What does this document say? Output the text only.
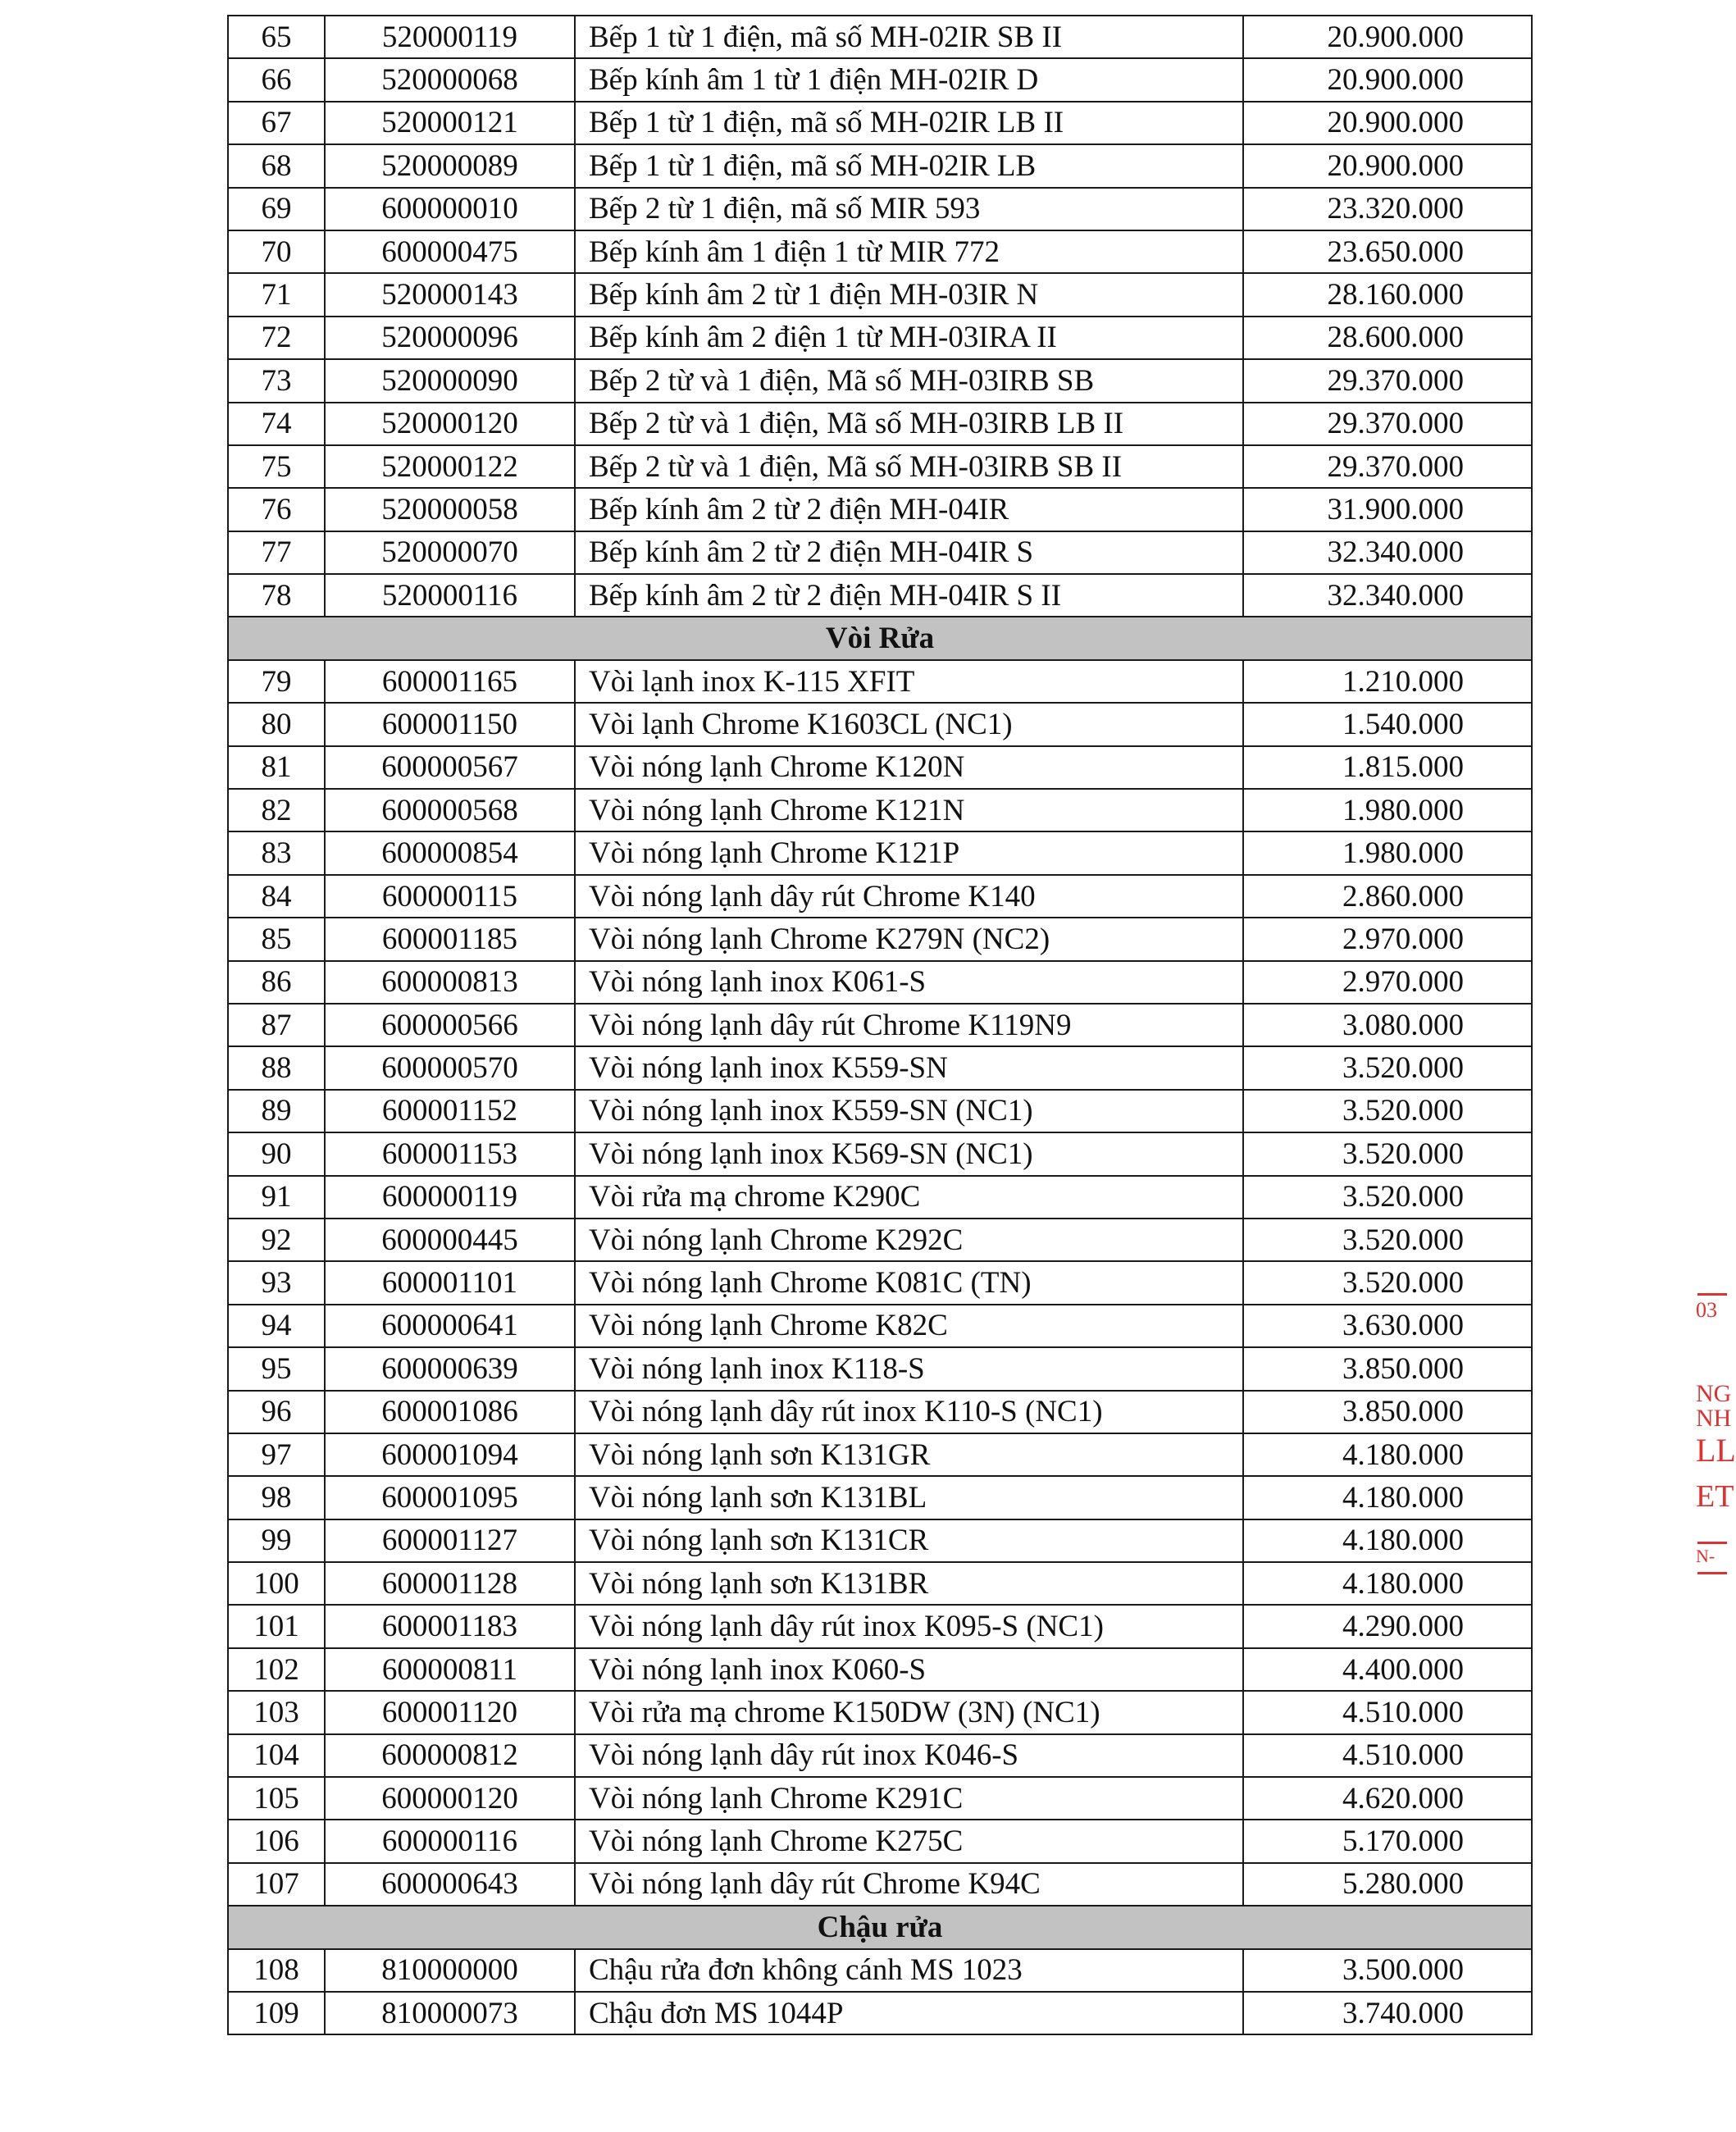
65	520000119	Bếp 1 từ 1 điện, mã số MH-02IR SB II	20.900.000
66	520000068	Bếp kính âm 1 từ 1 điện MH-02IR D	20.900.000
67	520000121	Bếp 1 từ 1 điện, mã số MH-02IR LB II	20.900.000
68	520000089	Bếp 1 từ 1 điện, mã số MH-02IR LB	20.900.000
69	600000010	Bếp 2 từ 1 điện, mã số MIR 593	23.320.000
70	600000475	Bếp kính âm 1 điện 1 từ MIR 772	23.650.000
71	520000143	Bếp kính âm 2 từ 1 điện MH-03IR N	28.160.000
72	520000096	Bếp kính âm 2 điện 1 từ MH-03IRA II	28.600.000
73	520000090	Bếp 2 từ và 1 điện, Mã số MH-03IRB SB	29.370.000
74	520000120	Bếp 2 từ và 1 điện, Mã số MH-03IRB LB II	29.370.000
75	520000122	Bếp 2 từ và 1 điện, Mã số MH-03IRB SB II	29.370.000
76	520000058	Bếp kính âm 2 từ 2 điện MH-04IR	31.900.000
77	520000070	Bếp kính âm 2 từ 2 điện MH-04IR S	32.340.000
78	520000116	Bếp kính âm 2 từ 2 điện MH-04IR S II	32.340.000
Vòi Rửa			
79	600001165	Vòi lạnh inox K-115 XFIT	1.210.000
80	600001150	Vòi lạnh Chrome K1603CL (NC1)	1.540.000
81	600000567	Vòi nóng lạnh Chrome K120N	1.815.000
82	600000568	Vòi nóng lạnh Chrome K121N	1.980.000
83	600000854	Vòi nóng lạnh Chrome K121P	1.980.000
84	600000115	Vòi nóng lạnh dây rút Chrome K140	2.860.000
85	600001185	Vòi nóng lạnh Chrome K279N (NC2)	2.970.000
86	600000813	Vòi nóng lạnh inox K061-S	2.970.000
87	600000566	Vòi nóng lạnh dây rút Chrome K119N9	3.080.000
88	600000570	Vòi nóng lạnh inox K559-SN	3.520.000
89	600001152	Vòi nóng lạnh inox K559-SN (NC1)	3.520.000
90	600001153	Vòi nóng lạnh inox K569-SN (NC1)	3.520.000
91	600000119	Vòi rửa mạ chrome K290C	3.520.000
92	600000445	Vòi nóng lạnh Chrome K292C	3.520.000
93	600001101	Vòi nóng lạnh Chrome K081C (TN)	3.520.000
94	600000641	Vòi nóng lạnh Chrome K82C	3.630.000
95	600000639	Vòi nóng lạnh inox K118-S	3.850.000
96	600001086	Vòi nóng lạnh dây rút inox K110-S (NC1)	3.850.000
97	600001094	Vòi nóng lạnh sơn K131GR	4.180.000
98	600001095	Vòi nóng lạnh sơn K131BL	4.180.000
99	600001127	Vòi nóng lạnh sơn K131CR	4.180.000
100	600001128	Vòi nóng lạnh sơn K131BR	4.180.000
101	600001183	Vòi nóng lạnh dây rút inox K095-S (NC1)	4.290.000
102	600000811	Vòi nóng lạnh inox K060-S	4.400.000
103	600001120	Vòi rửa mạ chrome K150DW (3N) (NC1)	4.510.000
104	600000812	Vòi nóng lạnh dây rút inox K046-S	4.510.000
105	600000120	Vòi nóng lạnh Chrome K291C	4.620.000
106	600000116	Vòi nóng lạnh Chrome K275C	5.170.000
107	600000643	Vòi nóng lạnh dây rút Chrome K94C	5.280.000
Chậu rửa			
108	810000000	Chậu rửa đơn không cánh MS 1023	3.500.000
109	810000073	Chậu đơn MS 1044P	3.740.000
03
NG
NH
LL
ET
N-
